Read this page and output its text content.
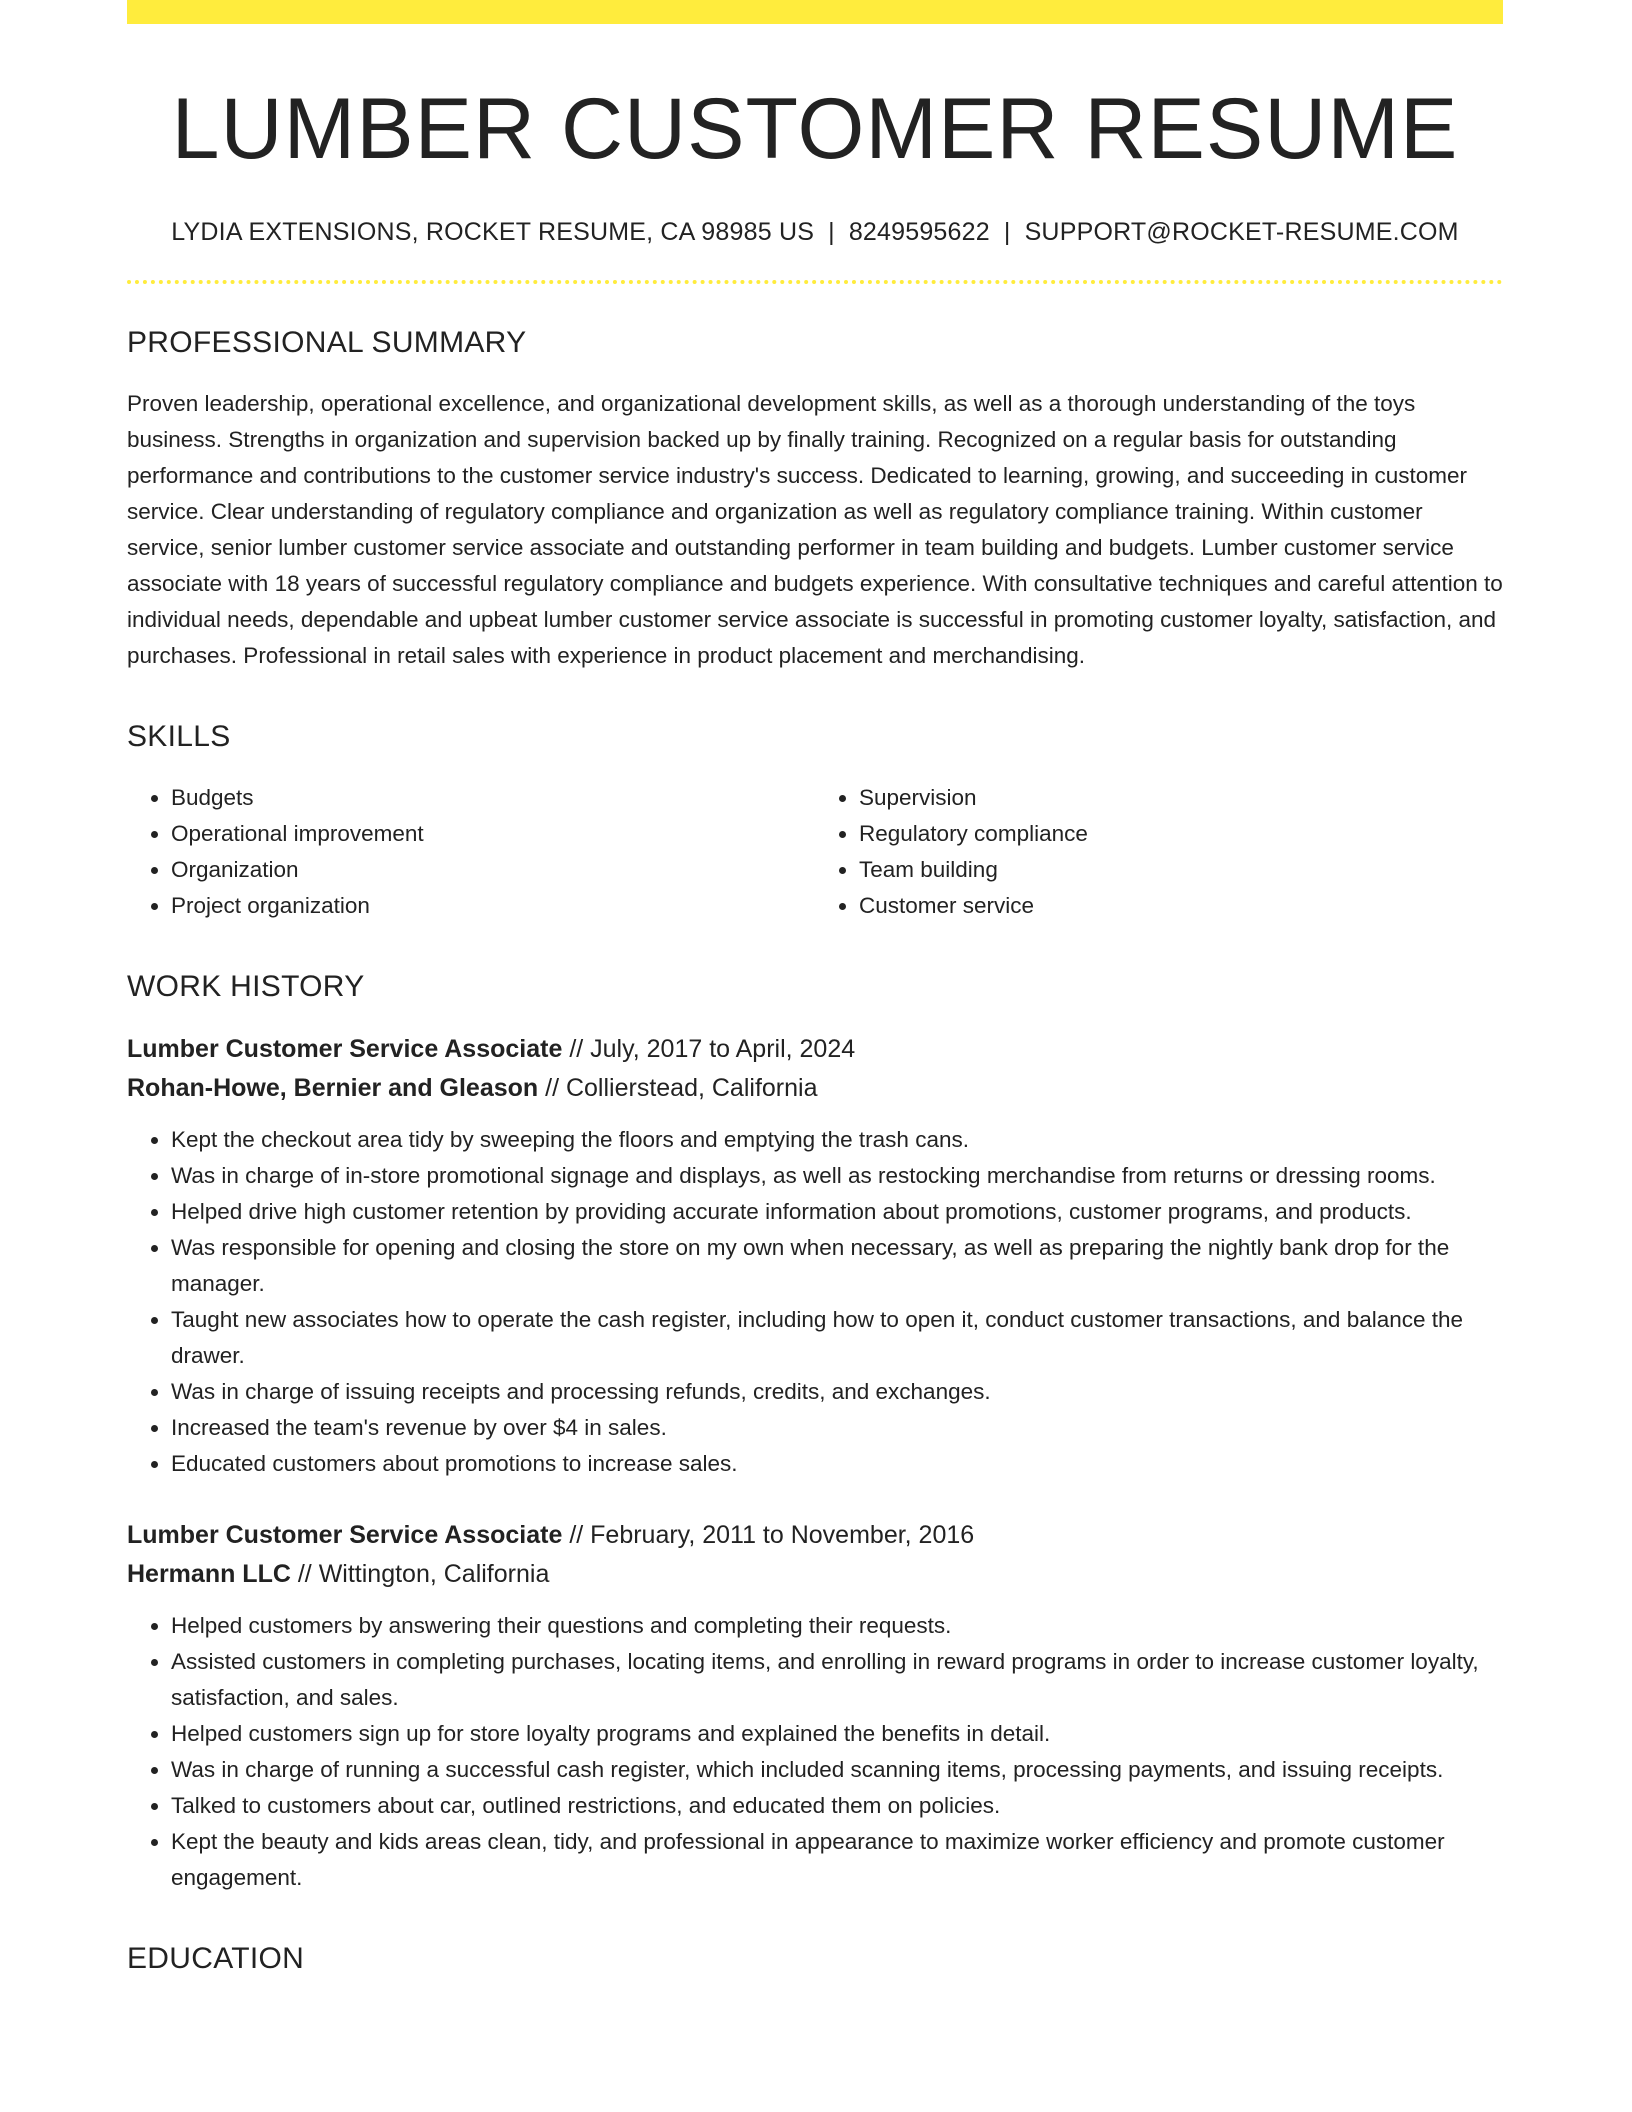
LUMBER CUSTOMER RESUME
LYDIA EXTENSIONS, ROCKET RESUME, CA 98985 US | 8249595622 | SUPPORT@ROCKET-RESUME.COM
PROFESSIONAL SUMMARY

Proven leadership, operational excellence, and organizational development skills, as well as a thorough understanding of the toys business. Strengths in organization and supervision backed up by finally training. Recognized on a regular basis for outstanding performance and contributions to the customer service industry's success. Dedicated to learning, growing, and succeeding in customer service. Clear understanding of regulatory compliance and organization as well as regulatory compliance training. Within customer service, senior lumber customer service associate and outstanding performer in team building and budgets. Lumber customer service associate with 18 years of successful regulatory compliance and budgets experience. With consultative techniques and careful attention to individual needs, dependable and upbeat lumber customer service associate is successful in promoting customer loyalty, satisfaction, and purchases. Professional in retail sales with experience in product placement and merchandising.

SKILLS
• Budgets
• Operational improvement
• Organization
• Project organization
• Supervision
• Regulatory compliance
• Team building
• Customer service
WORK HISTORY
Lumber Customer Service Associate // July, 2017 to April, 2024
Rohan-Howe, Bernier and Gleason // Collierstead, California
• Kept the checkout area tidy by sweeping the floors and emptying the trash cans.
• Was in charge of in-store promotional signage and displays, as well as restocking merchandise from returns or dressing rooms.
• Helped drive high customer retention by providing accurate information about promotions, customer programs, and products.
• Was responsible for opening and closing the store on my own when necessary, as well as preparing the nightly bank drop for the manager.
• Taught new associates how to operate the cash register, including how to open it, conduct customer transactions, and balance the drawer.
• Was in charge of issuing receipts and processing refunds, credits, and exchanges.
• Increased the team's revenue by over $4 in sales.
• Educated customers about promotions to increase sales.
Lumber Customer Service Associate // February, 2011 to November, 2016
Hermann LLC // Wittington, California
• Helped customers by answering their questions and completing their requests.
• Assisted customers in completing purchases, locating items, and enrolling in reward programs in order to increase customer loyalty, satisfaction, and sales.
• Helped customers sign up for store loyalty programs and explained the benefits in detail.
• Was in charge of running a successful cash register, which included scanning items, processing payments, and issuing receipts.
• Talked to customers about car, outlined restrictions, and educated them on policies.
• Kept the beauty and kids areas clean, tidy, and professional in appearance to maximize worker efficiency and promote customer engagement.
EDUCATION
